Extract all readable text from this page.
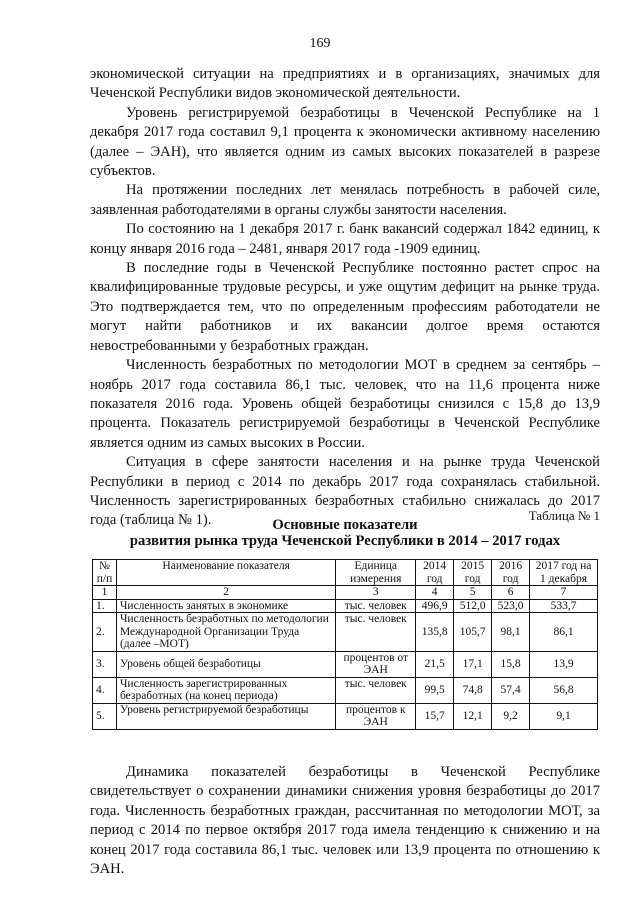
169

экономической ситуации на предприятиях и в организациях, значимых для Чеченской Республики видов экономической деятельности.

Уровень регистрируемой безработицы в Чеченской Республике на 1 декабря 2017 года составил 9,1 процента к экономически активному населению (далее – ЭАН), что является одним из самых высоких показателей в разрезе субъектов.

На протяжении последних лет менялась потребность в рабочей силе, заявленная работодателями в органы службы занятости населения.

По состоянию на 1 декабря 2017 г. банк вакансий содержал 1842 единиц, к концу января 2016 года – 2481, января 2017 года -1909 единиц.

В последние годы в Чеченской Республике постоянно растет спрос на квалифицированные трудовые ресурсы, и уже ощутим дефицит на рынке труда. Это подтверждается тем, что по определенным профессиям работодатели не могут найти работников и их вакансии долгое время остаются невостребованными у безработных граждан.

Численность безработных по методологии МОТ в среднем за сентябрь – ноябрь 2017 года составила 86,1 тыс. человек, что на 11,6 процента ниже показателя 2016 года. Уровень общей безработицы снизился с 15,8 до 13,9 процента. Показатель регистрируемой безработицы в Чеченской Республике является одним из самых высоких в России.

Ситуация в сфере занятости населения и на рынке труда Чеченской Республики в период с 2014 по декабрь 2017 года сохранялась стабильной. Численность зарегистрированных безработных стабильно снижалась до 2017 года (таблица № 1).	Таблица № 1
Основные показатели
развития рынка труда Чеченской Республики в 2014 – 2017 годах
№ п/п	Наименование показателя	Единица измерения	2014 год	2015 год	2016 год	2017 год на 1 декабря
1	2	3	4	5	6	7
1.	Численность занятых в экономике	тыс. человек	496,9	512,0	523,0	533,7
2.	Численность безработных по методологии Международной Организации Труда (далее –МОТ)	тыс. человек	135,8	105,7	98,1	86,1
3.	Уровень общей безработицы	процентов от ЭАН	21,5	17,1	15,8	13,9
4.	Численность зарегистрированных безработных (на конец периода)	тыс. человек	99,5	74,8	57,4	56,8
5.	Уровень регистрируемой безработицы	процентов к ЭАН	15,7	12,1	9,2	9,1

Динамика показателей безработицы в Чеченской Республике свидетельствует о сохранении динамики снижения уровня безработицы до 2017 года. Численность безработных граждан, рассчитанная по методологии МОТ, за период с 2014 по первое октября 2017 года имела тенденцию к снижению и на конец 2017 года составила 86,1 тыс. человек или 13,9 процента по отношению к ЭАН.
